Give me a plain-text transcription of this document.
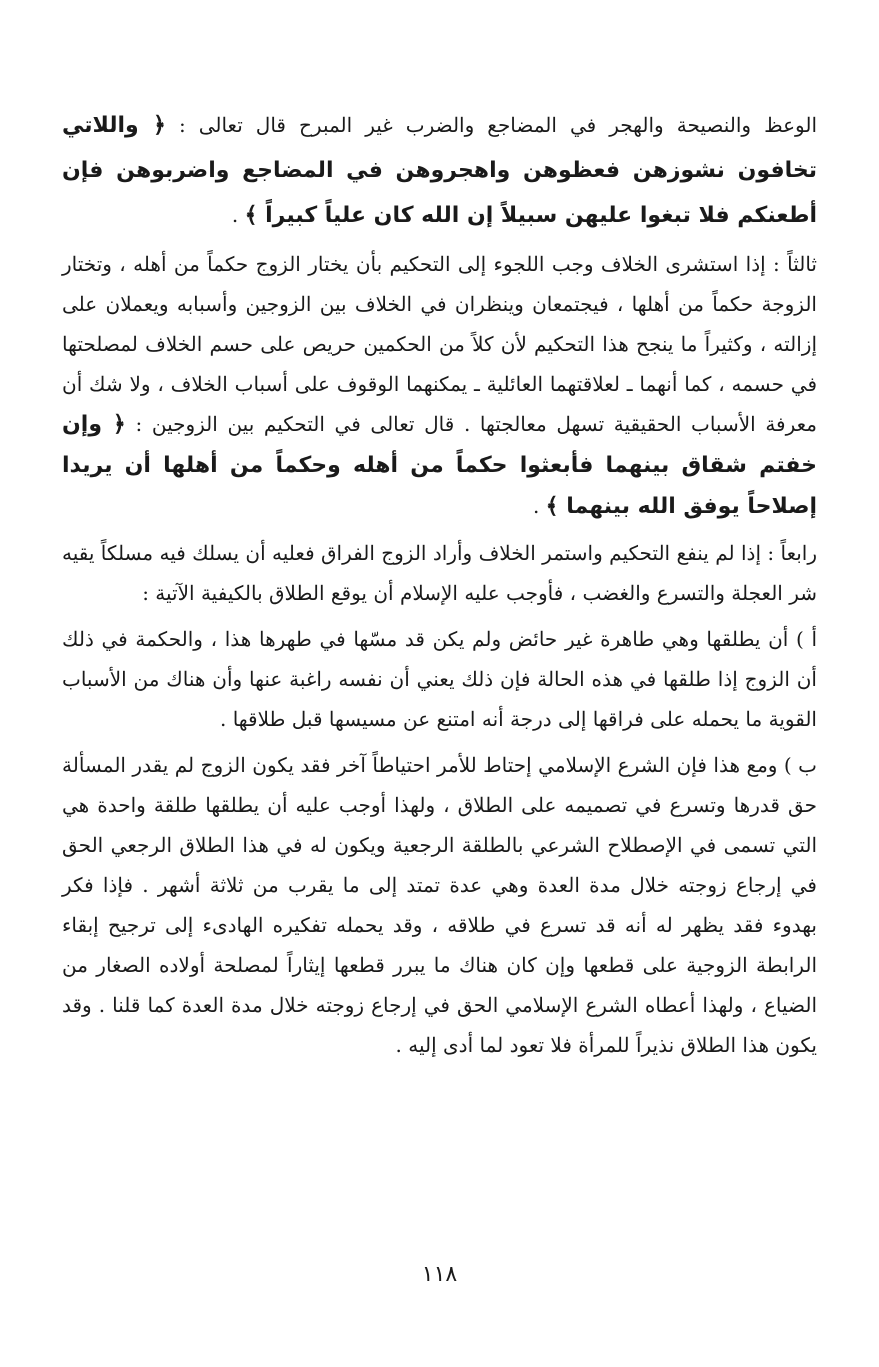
الوعظ والنصيحة والهجر في المضاجع والضرب غير المبرح قال تعالى : ﴿ واللاتي تخافون نشوزهن فعظوهن واهجروهن في المضاجع واضربوهن فإن أطعنكم فلا تبغوا عليهن سبيلاً إن الله كان علياً كبيراً ﴾ .

ثالثاً : إذا استشرى الخلاف وجب اللجوء إلى التحكيم بأن يختار الزوج حكماً من أهله ، وتختار الزوجة حكماً من أهلها ، فيجتمعان وينظران في الخلاف بين الزوجين وأسبابه ويعملان على إزالته ، وكثيراً ما ينجح هذا التحكيم لأن كلاً من الحكمين حريص على حسم الخلاف لمصلحتها في حسمه ، كما أنهما ـ لعلاقتهما العائلية ـ يمكنهما الوقوف على أسباب الخلاف ، ولا شك أن معرفة الأسباب الحقيقية تسهل معالجتها . قال تعالى في التحكيم بين الزوجين : ﴿ وإن خفتم شقاق بينهما فأبعثوا حكماً من أهله وحكماً من أهلها أن يريدا إصلاحاً يوفق الله بينهما ﴾ .

رابعاً : إذا لم ينفع التحكيم واستمر الخلاف وأراد الزوج الفراق فعليه أن يسلك فيه مسلكاً يقيه شر العجلة والتسرع والغضب ، فأوجب عليه الإسلام أن يوقع الطلاق بالكيفية الآتية :

أ ) أن يطلقها وهي طاهرة غير حائض ولم يكن قد مسّها في طهرها هذا ، والحكمة في ذلك أن الزوج إذا طلقها في هذه الحالة فإن ذلك يعني أن نفسه راغبة عنها وأن هناك من الأسباب القوية ما يحمله على فراقها إلى درجة أنه امتنع عن مسيسها قبل طلاقها .

ب ) ومع هذا فإن الشرع الإسلامي إحتاط للأمر احتياطاً آخر فقد يكون الزوج لم يقدر المسألة حق قدرها وتسرع في تصميمه على الطلاق ، ولهذا أوجب عليه أن يطلقها طلقة واحدة هي التي تسمى في الإصطلاح الشرعي بالطلقة الرجعية ويكون له في هذا الطلاق الرجعي الحق في إرجاع زوجته خلال مدة العدة وهي عدة تمتد إلى ما يقرب من ثلاثة أشهر . فإذا فكر بهدوء فقد يظهر له أنه قد تسرع في طلاقه ، وقد يحمله تفكيره الهادىء إلى ترجيح إبقاء الرابطة الزوجية على قطعها وإن كان هناك ما يبرر قطعها إيثاراً لمصلحة أولاده الصغار من الضياع ، ولهذا أعطاه الشرع الإسلامي الحق في إرجاع زوجته خلال مدة العدة كما قلنا . وقد يكون هذا الطلاق نذيراً للمرأة فلا تعود لما أدى إليه .

١١٨
